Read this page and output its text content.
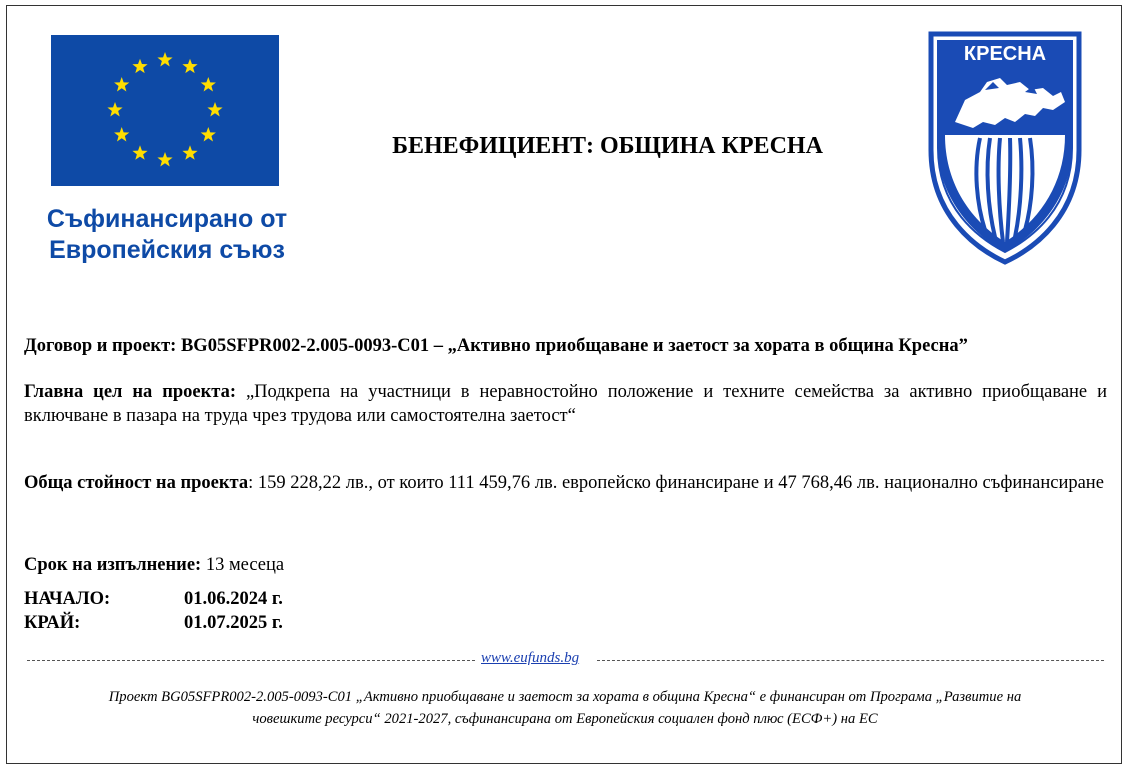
Съфинансирано от
Европейския съюз
БЕНЕФИЦИЕНТ: ОБЩИНА КРЕСНА
КРЕСНА
Договор и проект: BG05SFPR002-2.005-0093-C01 – „Активно приобщаване и заетост за хората в община Кресна”
Главна цел на проекта: „Подкрепа на участници в неравностойно положение и техните семейства за активно приобщаване и включване в пазара на труда чрез трудова или самостоятелна заетост“
Обща стойност на проекта: 159 228,22 лв., от които 111 459,76 лв. европейско финансиране и 47 768,46 лв. национално съфинансиране
Срок на изпълнение: 13 месеца
НАЧАЛО:	01.06.2024 г.
КРАЙ:	01.07.2025 г.
www.eufunds.bg
Проект BG05SFPR002-2.005-0093-C01 „Активно приобщаване и заетост за хората в община Кресна“ е финансиран от Програма „Развитие на
човешките ресурси“ 2021-2027, съфинансирана от Европейския социален фонд плюс (ЕСФ+) на ЕС
